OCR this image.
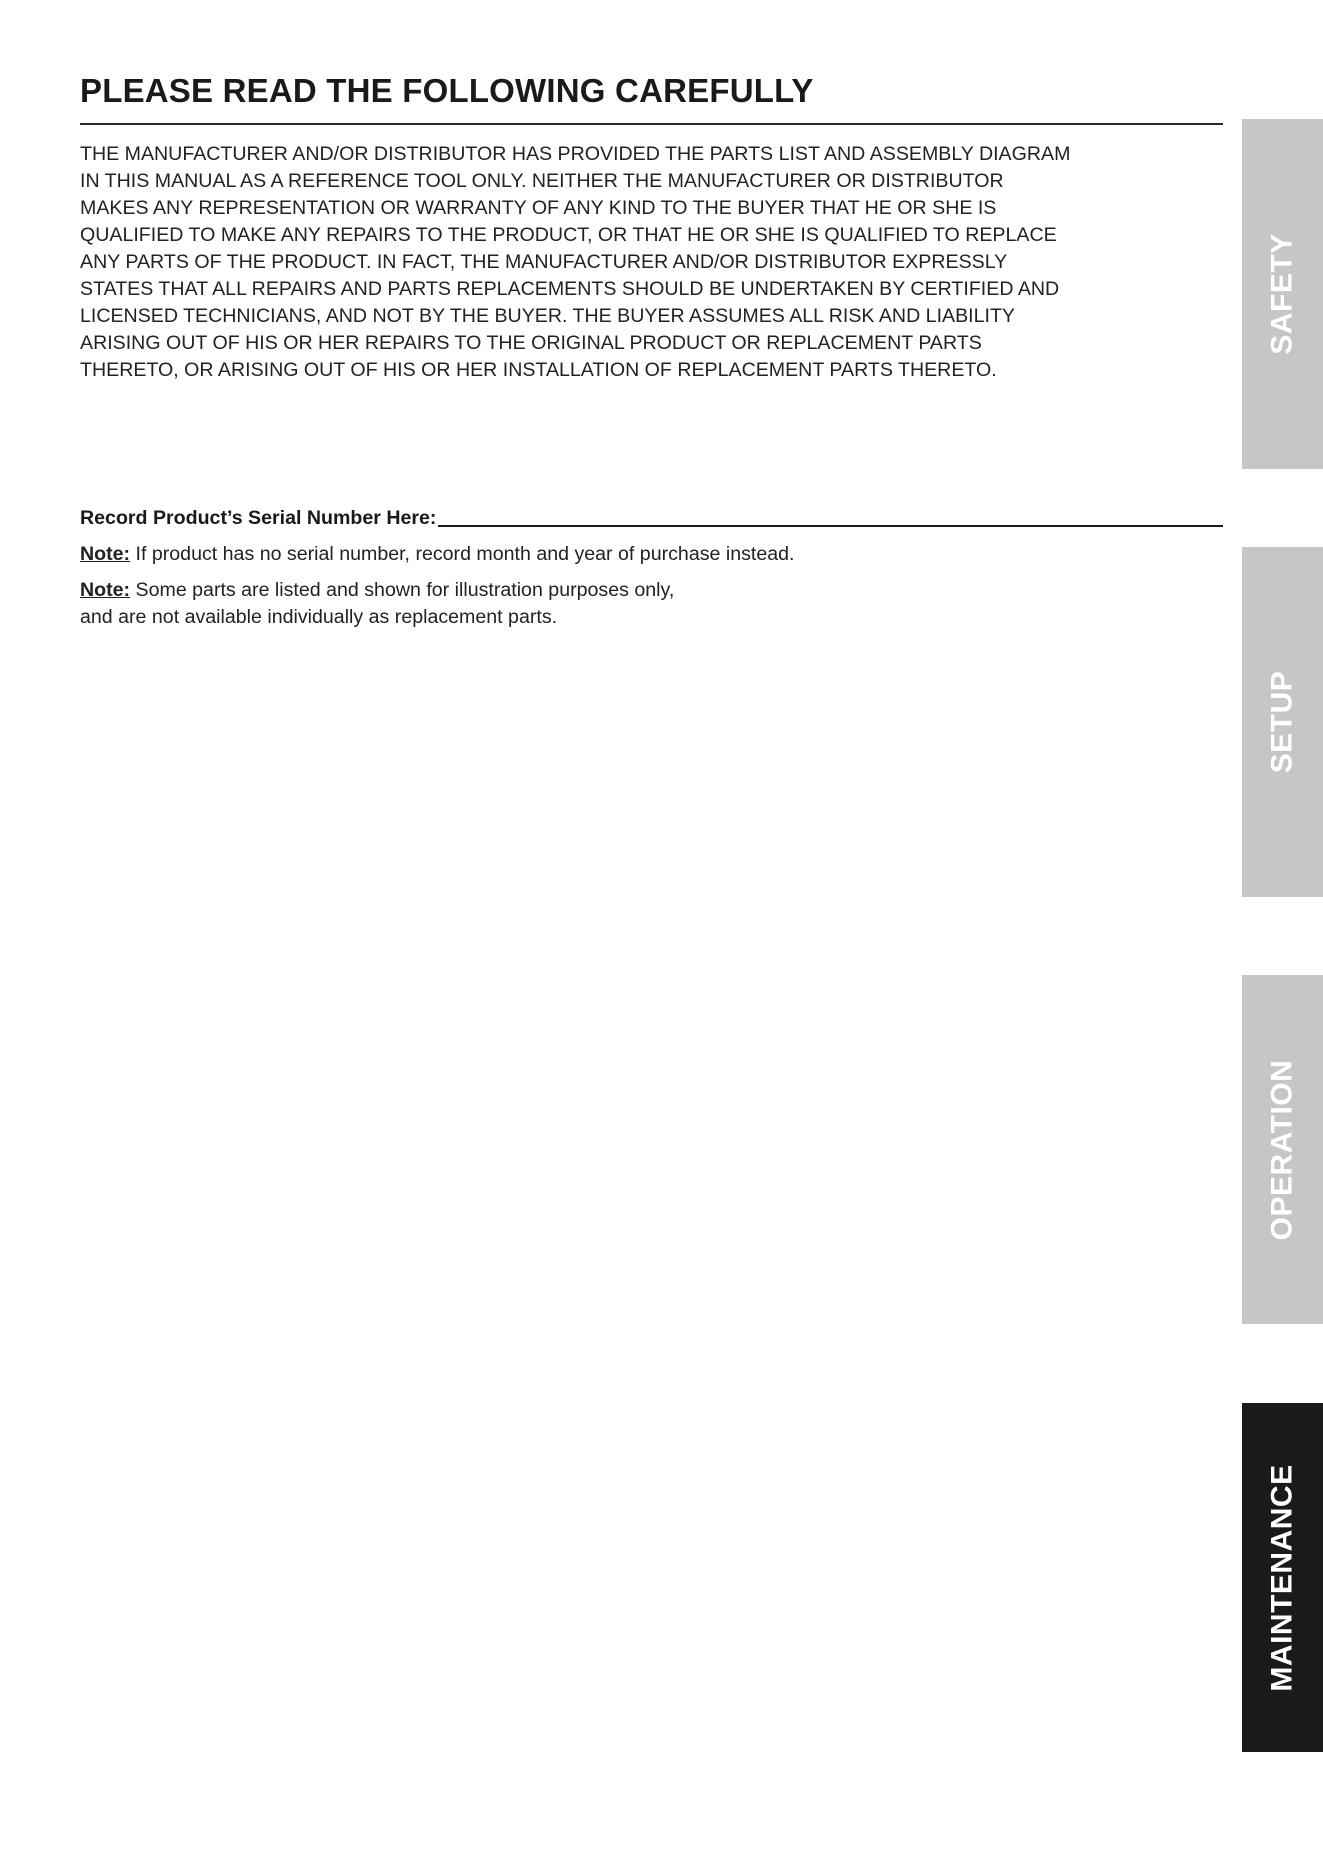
PLEASE READ THE FOLLOWING CAREFULLY
THE MANUFACTURER AND/OR DISTRIBUTOR HAS PROVIDED THE PARTS LIST AND ASSEMBLY DIAGRAM
IN THIS MANUAL AS A REFERENCE TOOL ONLY. NEITHER THE MANUFACTURER OR DISTRIBUTOR
MAKES ANY REPRESENTATION OR WARRANTY OF ANY KIND TO THE BUYER THAT HE OR SHE IS
QUALIFIED TO MAKE ANY REPAIRS TO THE PRODUCT, OR THAT HE OR SHE IS QUALIFIED TO REPLACE
ANY PARTS OF THE PRODUCT. IN FACT, THE MANUFACTURER AND/OR DISTRIBUTOR EXPRESSLY
STATES THAT ALL REPAIRS AND PARTS REPLACEMENTS SHOULD BE UNDERTAKEN BY CERTIFIED AND
LICENSED TECHNICIANS, AND NOT BY THE BUYER. THE BUYER ASSUMES ALL RISK AND LIABILITY
ARISING OUT OF HIS OR HER REPAIRS TO THE ORIGINAL PRODUCT OR REPLACEMENT PARTS
THERETO, OR ARISING OUT OF HIS OR HER INSTALLATION OF REPLACEMENT PARTS THERETO.
Record Product’s Serial Number Here:
Note: If product has no serial number, record month and year of purchase instead.
Note: Some parts are listed and shown for illustration purposes only,
and are not available individually as replacement parts.
SAFETY
SETUP
OPERATION
MAINTENANCE
